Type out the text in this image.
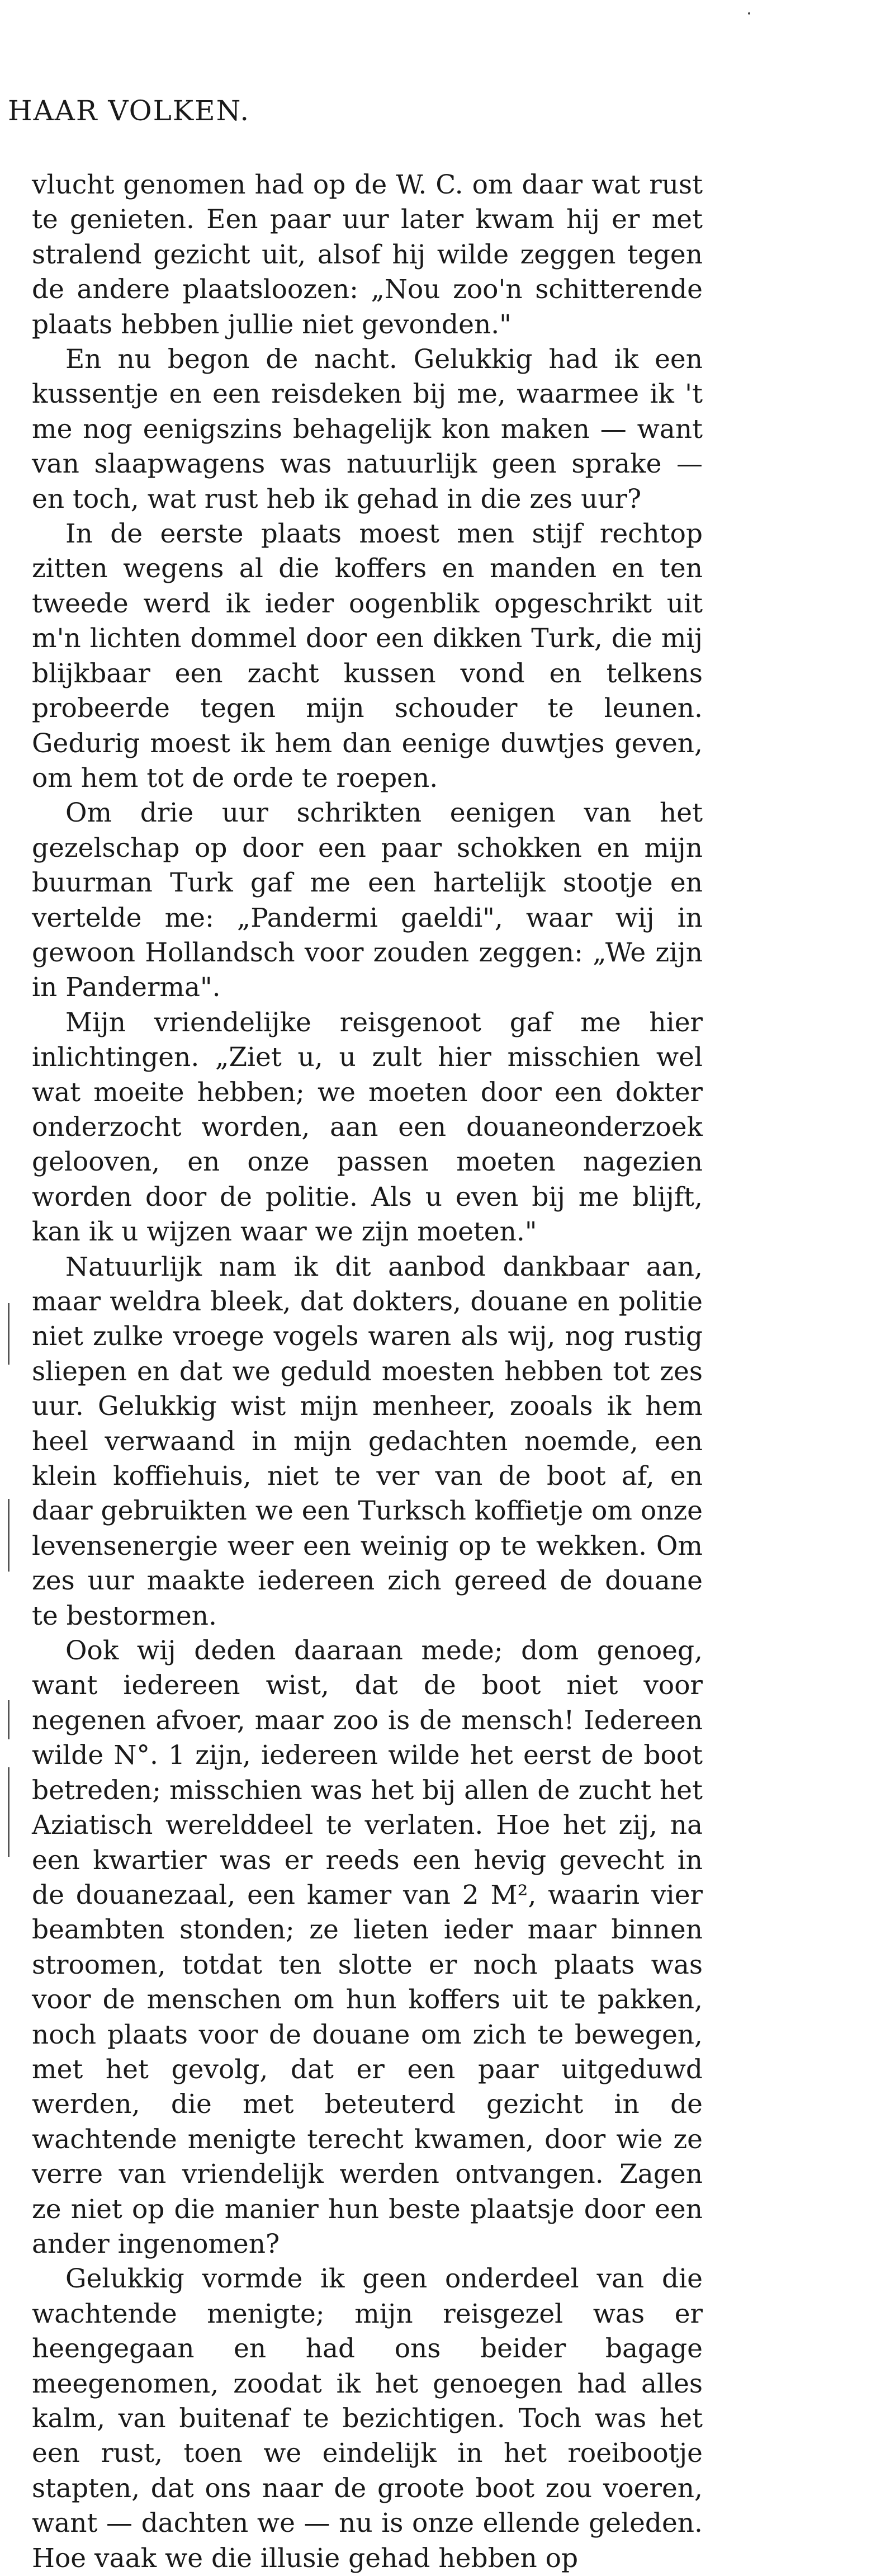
HAAR VOLKEN.

vlucht genomen had op de W. C. om daar wat rust te genieten. Een paar uur later kwam hij er met stralend gezicht uit, alsof hij wilde zeggen tegen de andere plaatsloozen: „Nou zoo'n schitterende plaats hebben jullie niet gevonden."

En nu begon de nacht. Gelukkig had ik een kussentje en een reisdeken bij me, waarmee ik 't me nog eenigszins behagelijk kon maken — want van slaapwagens was natuurlijk geen sprake — en toch, wat rust heb ik gehad in die zes uur?

In de eerste plaats moest men stijf rechtop zitten wegens al die koffers en manden en ten tweede werd ik ieder oogenblik opgeschrikt uit m'n lichten dommel door een dikken Turk, die mij blijkbaar een zacht kussen vond en telkens probeerde tegen mijn schouder te leunen. Gedurig moest ik hem dan eenige duwtjes geven, om hem tot de orde te roepen.

Om drie uur schrikten eenigen van het gezelschap op door een paar schokken en mijn buurman Turk gaf me een hartelijk stootje en vertelde me: „Pandermi gaeldi", waar wij in gewoon Hollandsch voor zouden zeggen: „We zijn in Panderma".

Mijn vriendelijke reisgenoot gaf me hier inlichtingen. „Ziet u, u zult hier misschien wel wat moeite hebben; we moeten door een dokter onderzocht worden, aan een douaneonderzoek gelooven, en onze passen moeten nagezien worden door de politie. Als u even bij me blijft, kan ik u wijzen waar we zijn moeten."

Natuurlijk nam ik dit aanbod dankbaar aan, maar weldra bleek, dat dokters, douane en politie niet zulke vroege vogels waren als wij, nog rustig sliepen en dat we geduld moesten hebben tot zes uur. Gelukkig wist mijn menheer, zooals ik hem heel verwaand in mijn gedachten noemde, een klein koffiehuis, niet te ver van de boot af, en daar gebruikten we een Turksch koffietje om onze levensenergie weer een weinig op te wekken. Om zes uur maakte iedereen zich gereed de douane te bestormen.

Ook wij deden daaraan mede; dom genoeg, want iedereen wist, dat de boot niet voor negenen afvoer, maar zoo is de mensch! Iedereen wilde N°. 1 zijn, iedereen wilde het eerst de boot betreden; misschien was het bij allen de zucht het Aziatisch werelddeel te verlaten. Hoe het zij, na een kwartier was er reeds een hevig gevecht in de douanezaal, een kamer van 2 M², waarin vier beambten stonden; ze lieten ieder maar binnen stroomen, totdat ten slotte er noch plaats was voor de menschen om hun koffers uit te pakken, noch plaats voor de douane om zich te bewegen, met het gevolg, dat er een paar uitgeduwd werden, die met beteuterd gezicht in de wachtende menigte terecht kwamen, door wie ze verre van vriendelijk werden ontvangen. Zagen ze niet op die manier hun beste plaatsje door een ander ingenomen?

Gelukkig vormde ik geen onderdeel van die wachtende menigte; mijn reisgezel was er heengegaan en had ons beider bagage meegenomen, zoodat ik het genoegen had alles kalm, van buitenaf te bezichtigen. Toch was het een rust, toen we eindelijk in het roeibootje stapten, dat ons naar de groote boot zou voeren, want — dachten we — nu is onze ellende geleden. Hoe vaak we die illusie gehad hebben op
